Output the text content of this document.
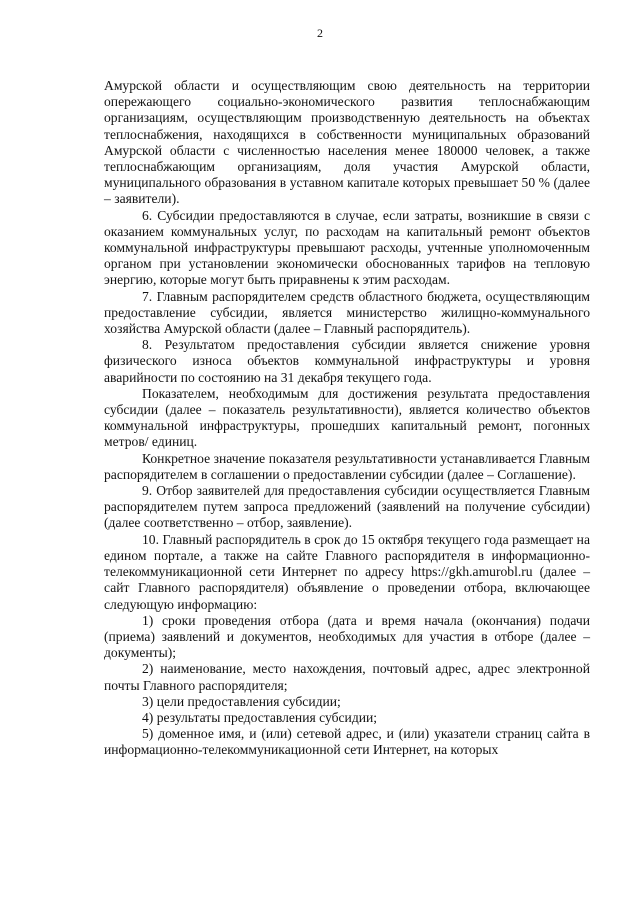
2

Амурской области и осуществляющим свою деятельность на территории опережающего социально-экономического развития теплоснабжающим организациям, осуществляющим производственную деятельность на объектах теплоснабжения, находящихся в собственности муниципальных образований Амурской области с численностью населения менее 180000 человек, а также теплоснабжающим организациям, доля участия Амурской области, муниципального образования в уставном капитале которых превышает 50 % (далее – заявители).

6. Субсидии предоставляются в случае, если затраты, возникшие в связи с оказанием коммунальных услуг, по расходам на капитальный ремонт объектов коммунальной инфраструктуры превышают расходы, учтенные уполномоченным органом при установлении экономически обоснованных тарифов на тепловую энергию, которые могут быть приравнены к этим расходам.

7. Главным распорядителем средств областного бюджета, осуществляющим предоставление субсидии, является министерство жилищно-коммунального хозяйства Амурской области (далее – Главный распорядитель).

8. Результатом предоставления субсидии является снижение уровня физического износа объектов коммунальной инфраструктуры и уровня аварийности по состоянию на 31 декабря текущего года.

Показателем, необходимым для достижения результата предоставления субсидии (далее – показатель результативности), является количество объектов коммунальной инфраструктуры, прошедших капитальный ремонт, погонных метров/ единиц.

Конкретное значение показателя результативности устанавливается Главным распорядителем в соглашении о предоставлении субсидии (далее – Соглашение).

9. Отбор заявителей для предоставления субсидии осуществляется Главным распорядителем путем запроса предложений (заявлений на получение субсидии) (далее соответственно – отбор, заявление).

10. Главный распорядитель в срок до 15 октября текущего года размещает на едином портале, а также на сайте Главного распорядителя в информационно-телекоммуникационной сети Интернет по адресу https://gkh.amurobl.ru (далее – сайт Главного распорядителя) объявление о проведении отбора, включающее следующую информацию:

1) сроки проведения отбора (дата и время начала (окончания) подачи (приема) заявлений и документов, необходимых для участия в отборе (далее – документы);

2) наименование, место нахождения, почтовый адрес, адрес электронной почты Главного распорядителя;

3) цели предоставления субсидии;

4) результаты предоставления субсидии;

5) доменное имя, и (или) сетевой адрес, и (или) указатели страниц сайта в информационно-телекоммуникационной сети Интернет, на которых
